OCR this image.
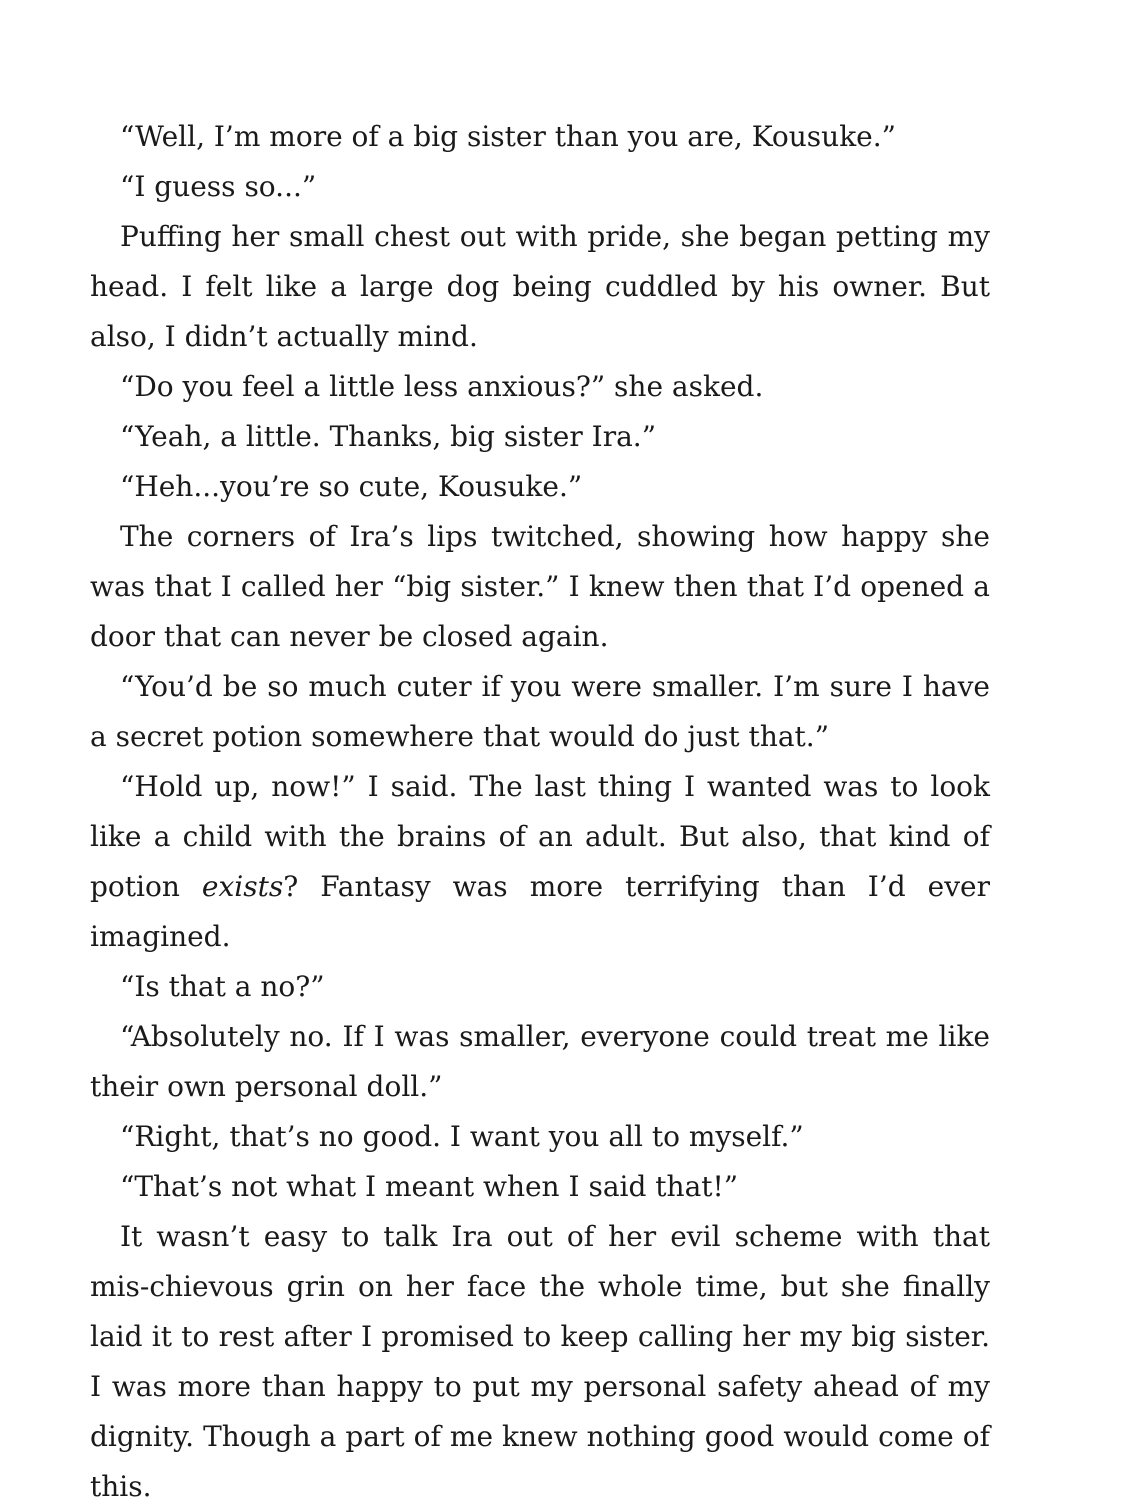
“Well, I’m more of a big sister than you are, Kousuke.”

“I guess so...”

Puffing her small chest out with pride, she began petting my head. I felt like a large dog being cuddled by his owner. But also, I didn’t actually mind.

“Do you feel a little less anxious?” she asked.

“Yeah, a little. Thanks, big sister Ira.”

“Heh...you’re so cute, Kousuke.”

The corners of Ira’s lips twitched, showing how happy she was that I called her “big sister.” I knew then that I’d opened a door that can never be closed again.

“You’d be so much cuter if you were smaller. I’m sure I have a secret potion somewhere that would do just that.”

“Hold up, now!” I said. The last thing I wanted was to look like a child with the brains of an adult. But also, that kind of potion exists? Fantasy was more terrifying than I’d ever imagined.

“Is that a no?”

“Absolutely no. If I was smaller, everyone could treat me like their own personal doll.”

“Right, that’s no good. I want you all to myself.”

“That’s not what I meant when I said that!”

It wasn’t easy to talk Ira out of her evil scheme with that mis-chievous grin on her face the whole time, but she finally laid it to rest after I promised to keep calling her my big sister. I was more than happy to put my personal safety ahead of my dignity. Though a part of me knew nothing good would come of this.
